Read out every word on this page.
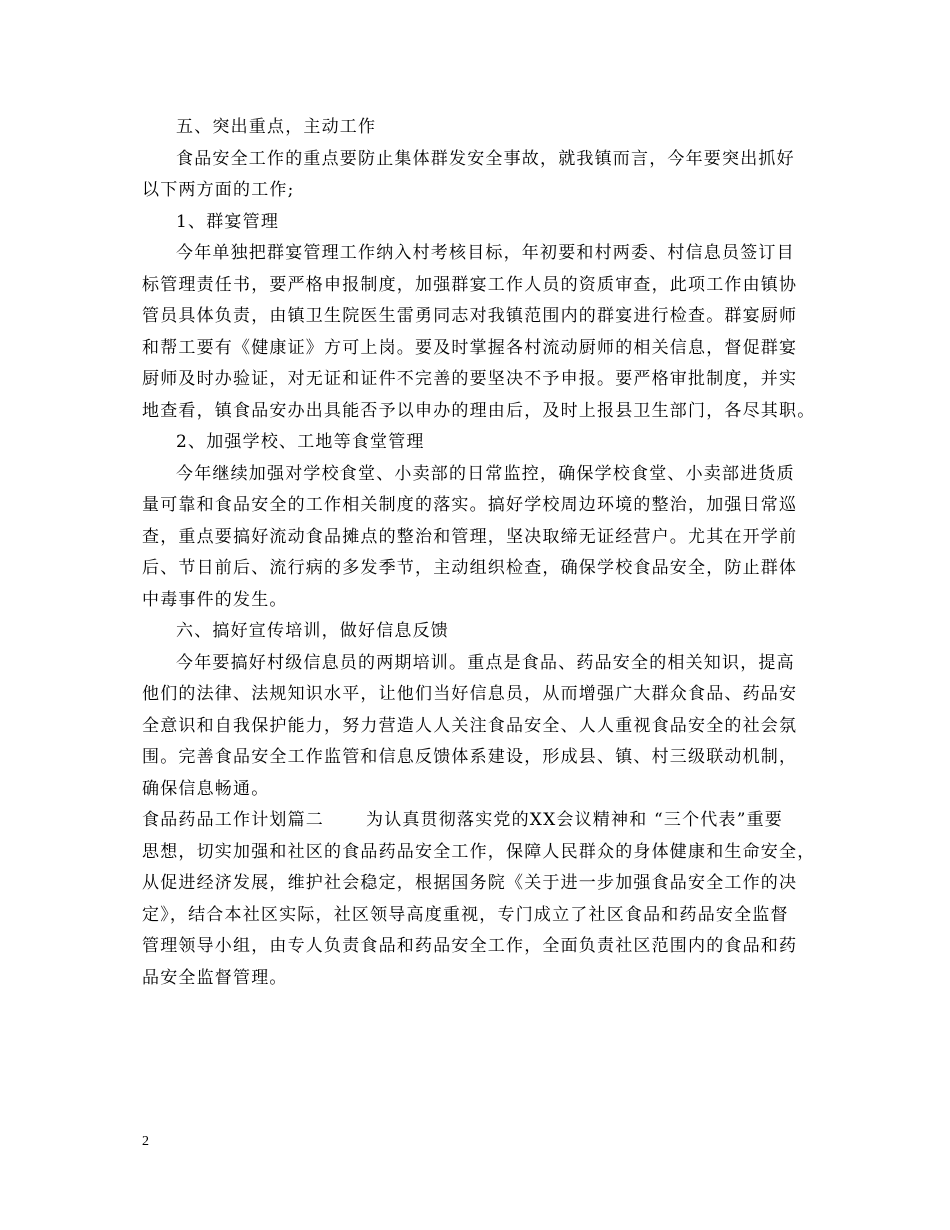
五、突出重点，主动工作
食品安全工作的重点要防止集体群发安全事故，就我镇而言，今年要突出抓好
以下两方面的工作;
1、群宴管理
今年单独把群宴管理工作纳入村考核目标，年初要和村两委、村信息员签订目
标管理责任书，要严格申报制度，加强群宴工作人员的资质审查，此项工作由镇协
管员具体负责，由镇卫生院医生雷勇同志对我镇范围内的群宴进行检查。群宴厨师
和帮工要有《健康证》方可上岗。要及时掌握各村流动厨师的相关信息，督促群宴
厨师及时办验证，对无证和证件不完善的要坚决不予申报。要严格审批制度，并实
地查看，镇食品安办出具能否予以申办的理由后，及时上报县卫生部门，各尽其职。
2、加强学校、工地等食堂管理
今年继续加强对学校食堂、小卖部的日常监控，确保学校食堂、小卖部进货质
量可靠和食品安全的工作相关制度的落实。搞好学校周边环境的整治，加强日常巡
查，重点要搞好流动食品摊点的整治和管理，坚决取缔无证经营户。尤其在开学前
后、节日前后、流行病的多发季节，主动组织检查，确保学校食品安全，防止群体
中毒事件的发生。
六、搞好宣传培训，做好信息反馈
今年要搞好村级信息员的两期培训。重点是食品、药品安全的相关知识，提高
他们的法律、法规知识水平，让他们当好信息员，从而增强广大群众食品、药品安
全意识和自我保护能力，努力营造人人关注食品安全、人人重视食品安全的社会氛
围。完善食品安全工作监管和信息反馈体系建设，形成县、镇、村三级联动机制，
确保信息畅通。
食品药品工作计划篇二 为认真贯彻落实党的XX会议精神和 “三个代表”重要
思想，切实加强和社区的食品药品安全工作，保障人民群众的身体健康和生命安全，
从促进经济发展，维护社会稳定，根据国务院《关于进一步加强食品安全工作的决
定》，结合本社区实际，社区领导高度重视，专门成立了社区食品和药品安全监督
管理领导小组，由专人负责食品和药品安全工作，全面负责社区范围内的食品和药
品安全监督管理。
2
